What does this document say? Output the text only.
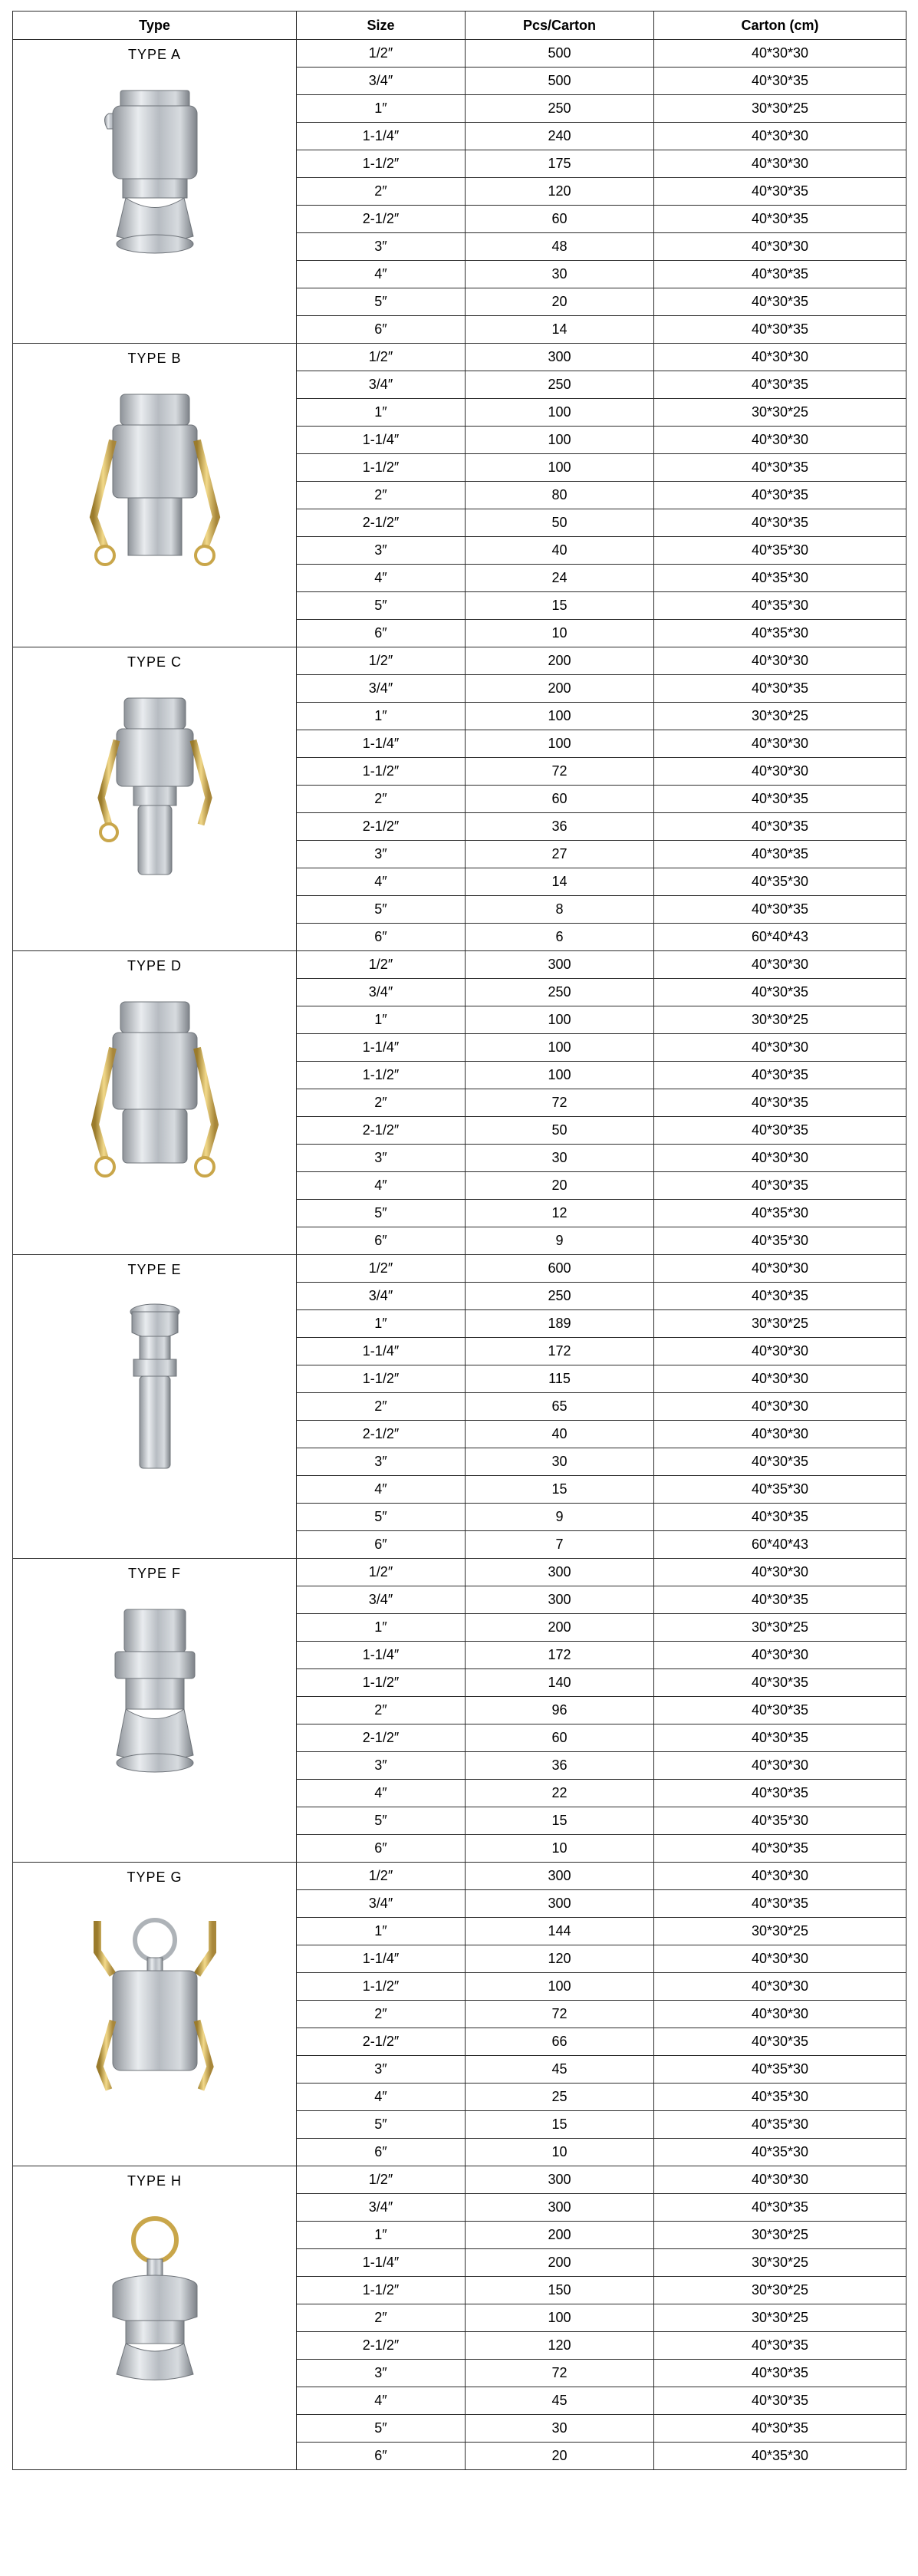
Type	Size	Pcs/Carton	Carton (cm)

TYPE A	1/2″	500	40*30*30
	3/4″	500	40*30*35
	1″	250	30*30*25
	1-1/4″	240	40*30*30
	1-1/2″	175	40*30*30
	2″	120	40*30*35
	2-1/2″	60	40*30*35
	3″	48	40*30*30
	4″	30	40*30*35
	5″	20	40*30*35
	6″	14	40*30*35

TYPE B	1/2″	300	40*30*30
	3/4″	250	40*30*35
	1″	100	30*30*25
	1-1/4″	100	40*30*30
	1-1/2″	100	40*30*35
	2″	80	40*30*35
	2-1/2″	50	40*30*35
	3″	40	40*35*30
	4″	24	40*35*30
	5″	15	40*35*30
	6″	10	40*35*30

TYPE C	1/2″	200	40*30*30
	3/4″	200	40*30*35
	1″	100	30*30*25
	1-1/4″	100	40*30*30
	1-1/2″	72	40*30*30
	2″	60	40*30*35
	2-1/2″	36	40*30*35
	3″	27	40*30*35
	4″	14	40*35*30
	5″	8	40*30*35
	6″	6	60*40*43

TYPE D	1/2″	300	40*30*30
	3/4″	250	40*30*35
	1″	100	30*30*25
	1-1/4″	100	40*30*30
	1-1/2″	100	40*30*35
	2″	72	40*30*35
	2-1/2″	50	40*30*35
	3″	30	40*30*30
	4″	20	40*30*35
	5″	12	40*35*30
	6″	9	40*35*30

TYPE E	1/2″	600	40*30*30
	3/4″	250	40*30*35
	1″	189	30*30*25
	1-1/4″	172	40*30*30
	1-1/2″	115	40*30*30
	2″	65	40*30*30
	2-1/2″	40	40*30*30
	3″	30	40*30*35
	4″	15	40*35*30
	5″	9	40*30*35
	6″	7	60*40*43

TYPE F	1/2″	300	40*30*30
	3/4″	300	40*30*35
	1″	200	30*30*25
	1-1/4″	172	40*30*30
	1-1/2″	140	40*30*35
	2″	96	40*30*35
	2-1/2″	60	40*30*35
	3″	36	40*30*30
	4″	22	40*30*35
	5″	15	40*35*30
	6″	10	40*30*35

TYPE G	1/2″	300	40*30*30
	3/4″	300	40*30*35
	1″	144	30*30*25
	1-1/4″	120	40*30*30
	1-1/2″	100	40*30*30
	2″	72	40*30*30
	2-1/2″	66	40*30*35
	3″	45	40*35*30
	4″	25	40*35*30
	5″	15	40*35*30
	6″	10	40*35*30

TYPE H	1/2″	300	40*30*30
	3/4″	300	40*30*35
	1″	200	30*30*25
	1-1/4″	200	30*30*25
	1-1/2″	150	30*30*25
	2″	100	30*30*25
	2-1/2″	120	40*30*35
	3″	72	40*30*35
	4″	45	40*30*35
	5″	30	40*30*35
	6″	20	40*35*30
